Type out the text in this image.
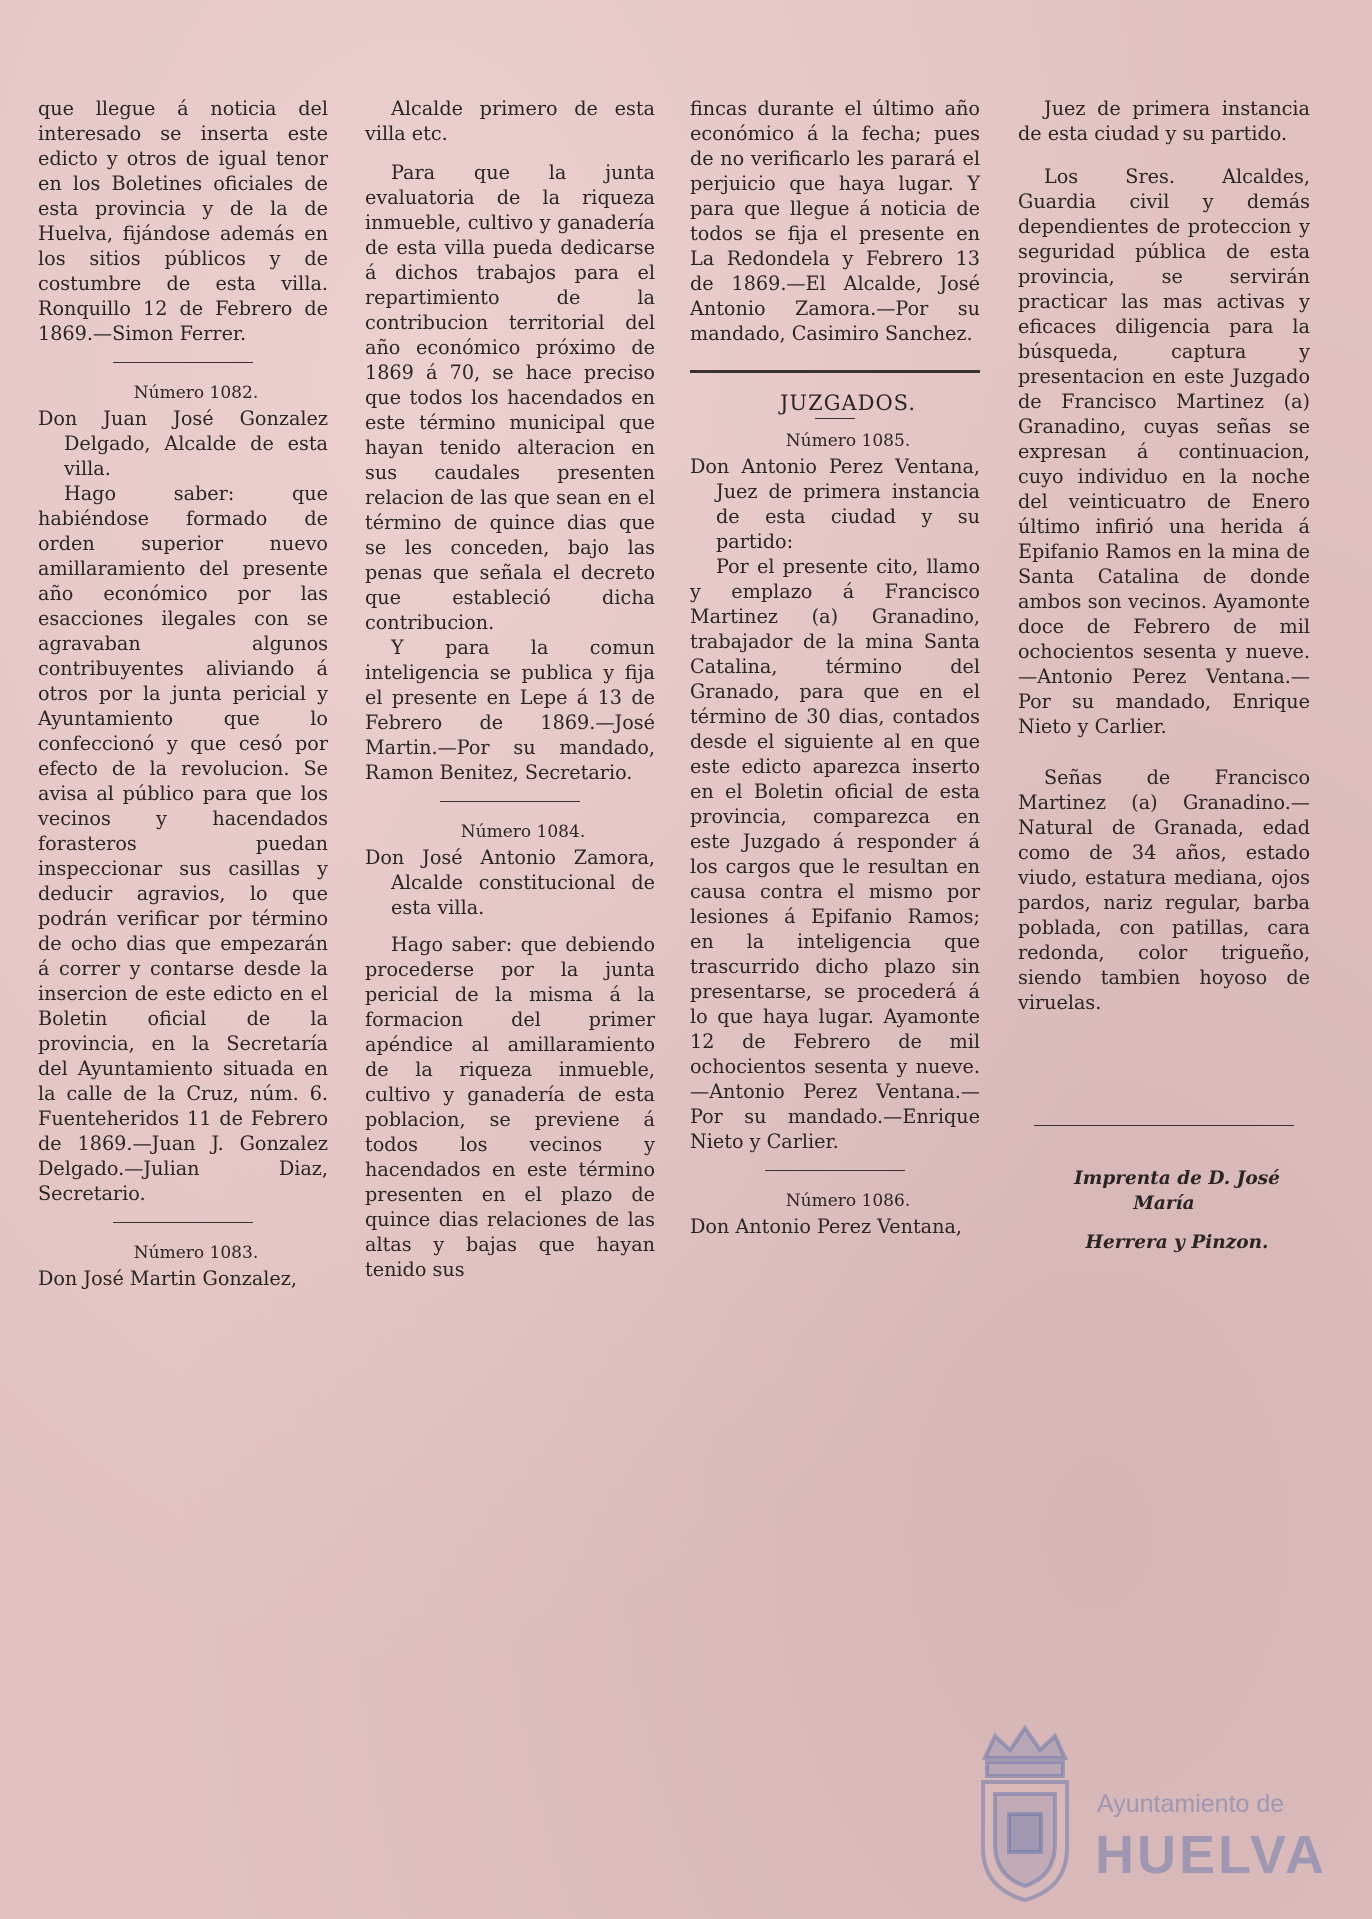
que llegue á noticia del interesado se inserta este edicto y otros de igual tenor en los Boletines oficiales de esta provincia y de la de Huelva, fijándose además en los sitios públicos y de costumbre de esta villa. Ronquillo 12 de Febrero de 1869.—Simon Ferrer.

Número 1082.

Don Juan José Gonzalez Delgado, Alcalde de esta villa.

Hago saber: que habiéndose formado de orden superior nuevo amillaramiento del presente año económico por las esacciones ilegales con se agravaban algunos contribuyentes aliviando á otros por la junta pericial y Ayuntamiento que lo confeccionó y que cesó por efecto de la revolucion. Se avisa al público para que los vecinos y hacendados forasteros puedan inspeccionar sus casillas y deducir agravios, lo que podrán verificar por término de ocho dias que empezarán á correr y contarse desde la insercion de este edicto en el Boletin oficial de la provincia, en la Secretaría del Ayuntamiento situada en la calle de la Cruz, núm. 6. Fuenteheridos 11 de Febrero de 1869.—Juan J. Gonzalez Delgado.—Julian Diaz, Secretario.

Número 1083.

Don José Martin Gonzalez,

Alcalde primero de esta villa etc.

Para que la junta evaluatoria de la riqueza inmueble, cultivo y ganadería de esta villa pueda dedicarse á dichos trabajos para el repartimiento de la contribucion territorial del año económico próximo de 1869 á 70, se hace preciso que todos los hacendados en este término municipal que hayan tenido alteracion en sus caudales presenten relacion de las que sean en el término de quince dias que se les conceden, bajo las penas que señala el decreto que estableció dicha contribucion.

Y para la comun inteligencia se publica y fija el presente en Lepe á 13 de Febrero de 1869.—José Martin.—Por su mandado, Ramon Benitez, Secretario.

Número 1084.

Don José Antonio Zamora, Alcalde constitucional de esta villa.

Hago saber: que debiendo procederse por la junta pericial de la misma á la formacion del primer apéndice al amillaramiento de la riqueza inmueble, cultivo y ganadería de esta poblacion, se previene á todos los vecinos y hacendados en este término presenten en el plazo de quince dias relaciones de las altas y bajas que hayan tenido sus

fincas durante el último año económico á la fecha; pues de no verificarlo les parará el perjuicio que haya lugar. Y para que llegue á noticia de todos se fija el presente en La Redondela y Febrero 13 de 1869.—El Alcalde, José Antonio Zamora.—Por su mandado, Casimiro Sanchez.

JUZGADOS.

Número 1085.

Don Antonio Perez Ventana, Juez de primera instancia de esta ciudad y su partido:

Por el presente cito, llamo y emplazo á Francisco Martinez (a) Granadino, trabajador de la mina Santa Catalina, término del Granado, para que en el término de 30 dias, contados desde el siguiente al en que este edicto aparezca inserto en el Boletin oficial de esta provincia, comparezca en este Juzgado á responder á los cargos que le resultan en causa contra el mismo por lesiones á Epifanio Ramos; en la inteligencia que trascurrido dicho plazo sin presentarse, se procederá á lo que haya lugar. Ayamonte 12 de Febrero de mil ochocientos sesenta y nueve.—Antonio Perez Ventana.—Por su mandado.—Enrique Nieto y Carlier.

Número 1086.

Don Antonio Perez Ventana,

Juez de primera instancia de esta ciudad y su partido.

Los Sres. Alcaldes, Guardia civil y demás dependientes de proteccion y seguridad pública de esta provincia, se servirán practicar las mas activas y eficaces diligencia para la búsqueda, captura y presentacion en este Juzgado de Francisco Martinez (a) Granadino, cuyas señas se expresan á continuacion, cuyo individuo en la noche del veinticuatro de Enero último infirió una herida á Epifanio Ramos en la mina de Santa Catalina de donde ambos son vecinos. Ayamonte doce de Febrero de mil ochocientos sesenta y nueve.—Antonio Perez Ventana.—Por su mandado, Enrique Nieto y Carlier.

Señas de Francisco Martinez (a) Granadino.—Natural de Granada, edad como de 34 años, estado viudo, estatura mediana, ojos pardos, nariz regular, barba poblada, con patillas, cara redonda, color trigueño, siendo tambien hoyoso de viruelas.

Imprenta de D. José María

Herrera y Pinzon.

Ayuntamiento de
HUELVA
